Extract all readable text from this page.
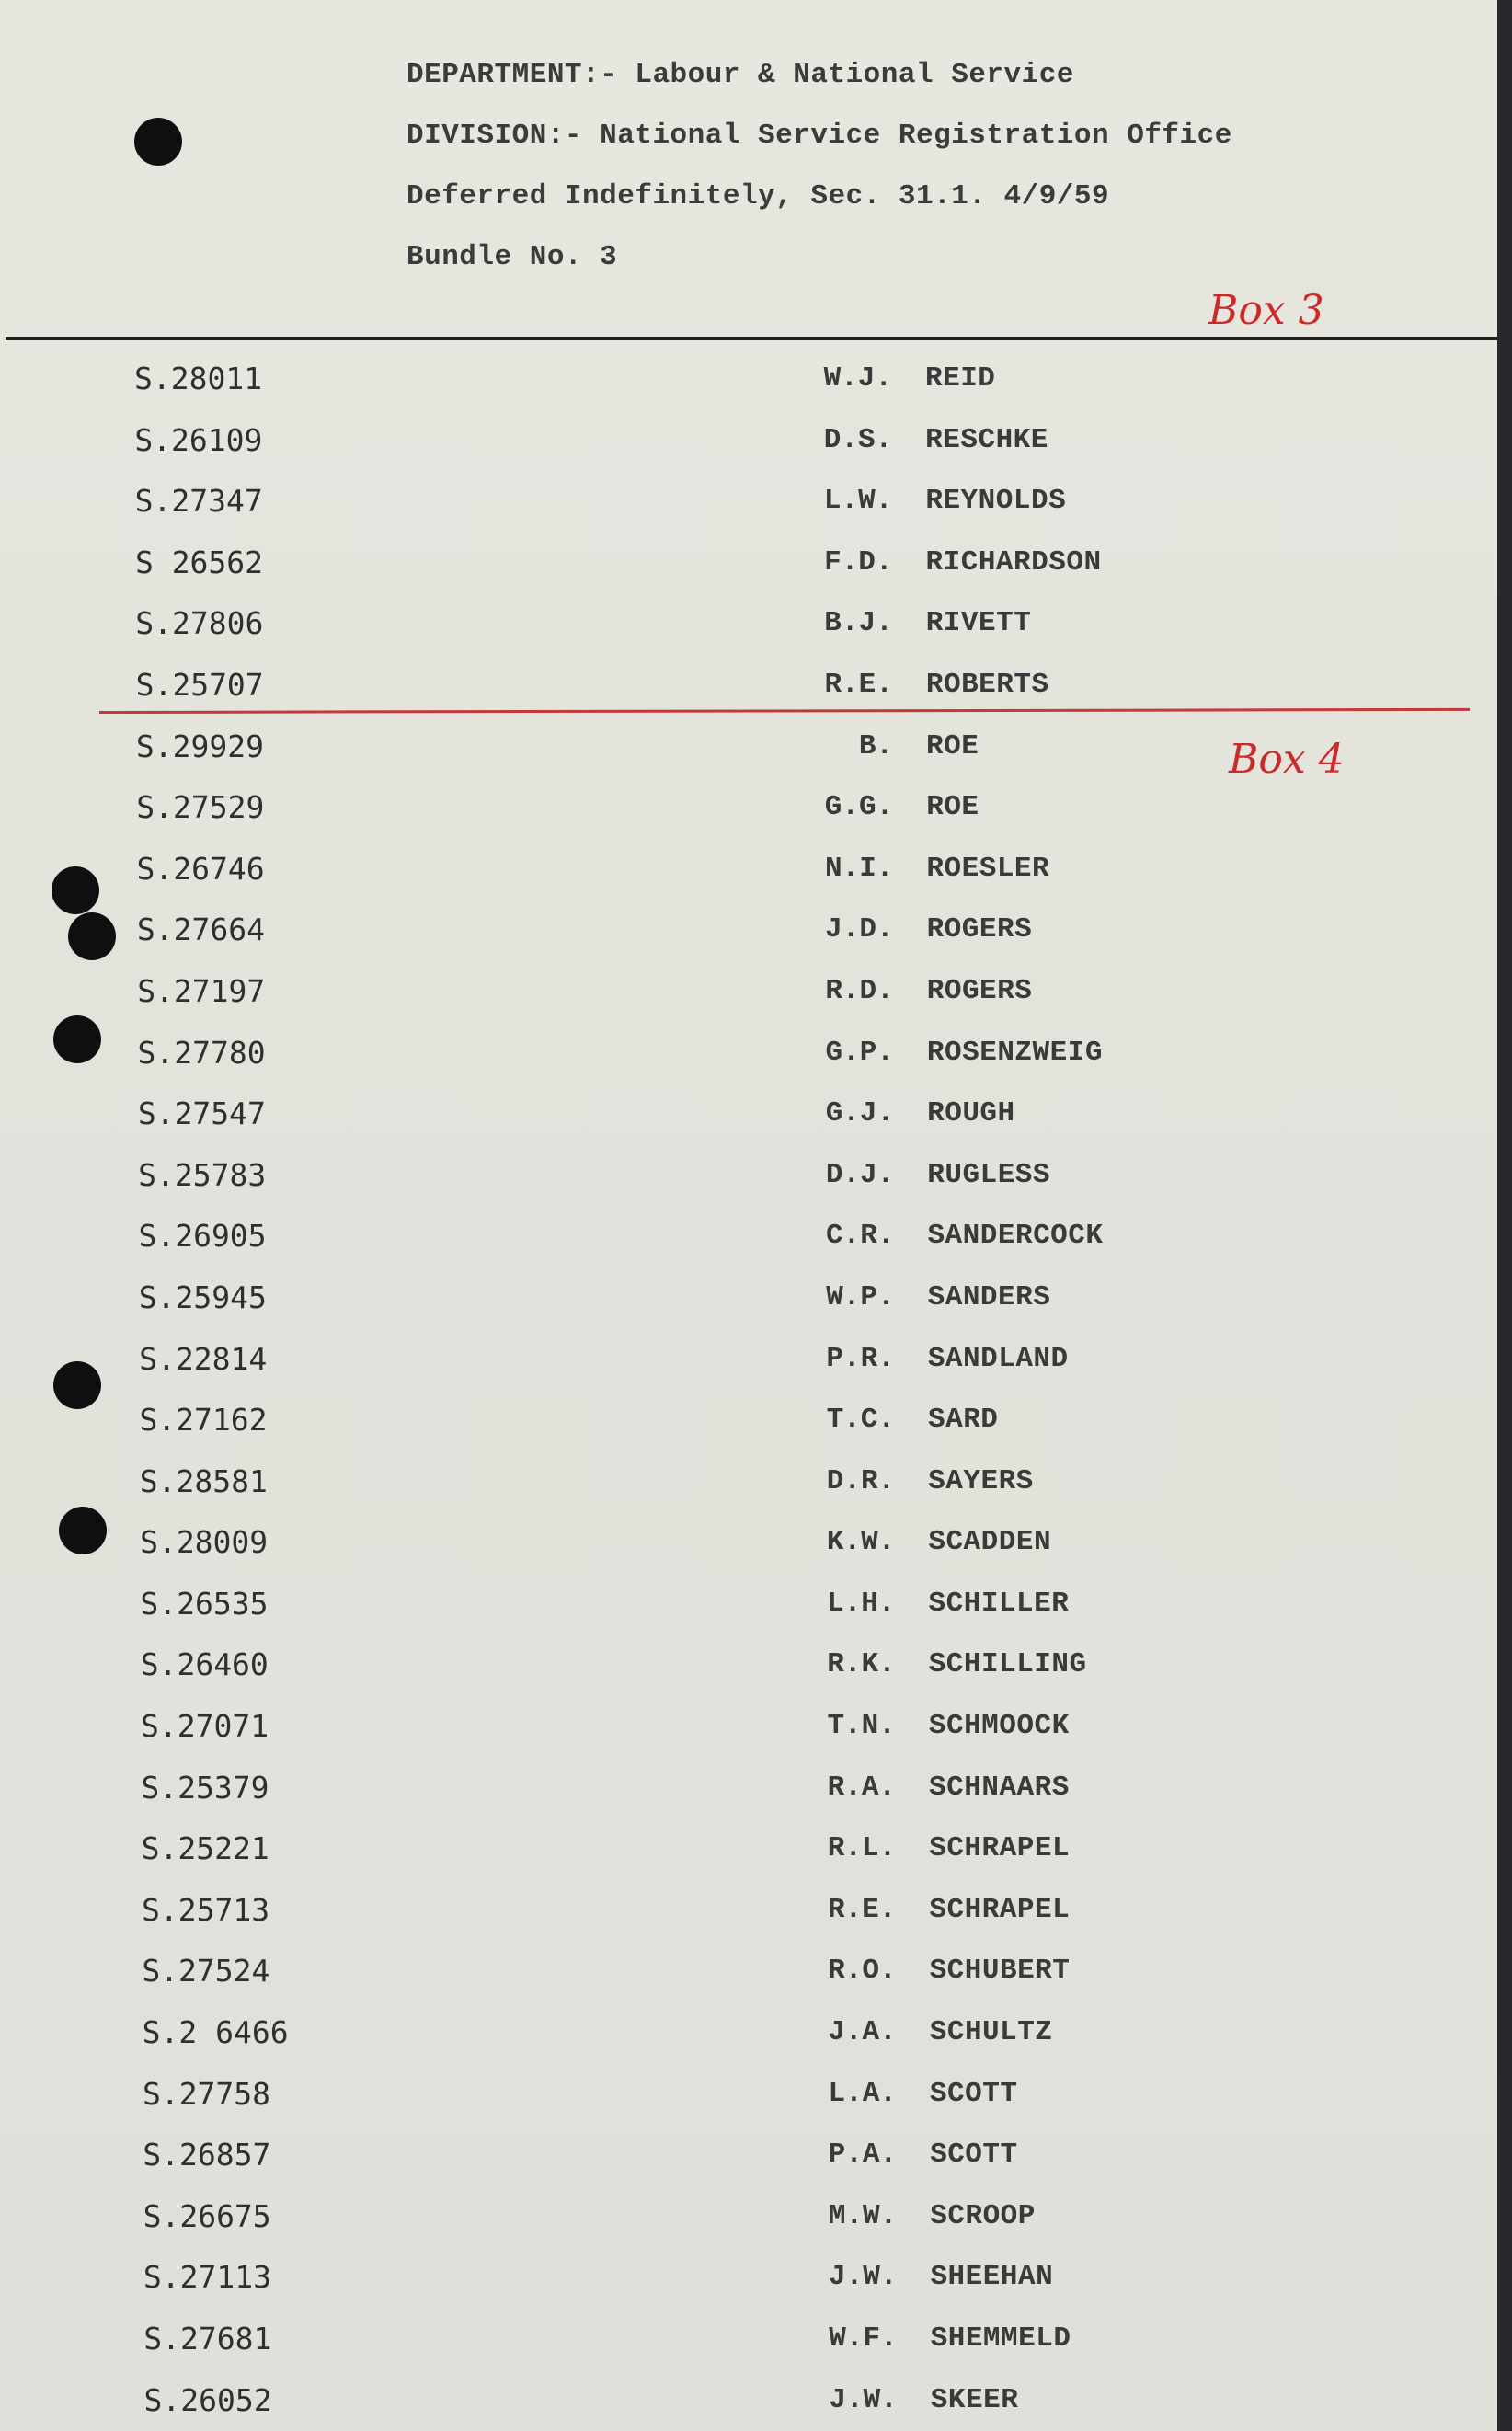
DEPARTMENT:- Labour & National Service
DIVISION:- National Service Registration Office
Deferred Indefinitely, Sec. 31.1. 4/9/59
Bundle No. 3
Box 3
Box 4
S.28011	W.J. REID
S.26109	D.S. RESCHKE
S.27347	L.W. REYNOLDS
S 26562	F.D. RICHARDSON
S.27806	B.J. RIVETT
S.25707	R.E. ROBERTS
S.29929	B. ROE
S.27529	G.G. ROE
S.26746	N.I. ROESLER
S.27664	J.D. ROGERS
S.27197	R.D. ROGERS
S.27780	G.P. ROSENZWEIG
S.27547	G.J. ROUGH
S.25783	D.J. RUGLESS
S.26905	C.R. SANDERCOCK
S.25945	W.P. SANDERS
S.22814	P.R. SANDLAND
S.27162	T.C. SARD
S.28581	D.R. SAYERS
S.28009	K.W. SCADDEN
S.26535	L.H. SCHILLER
S.26460	R.K. SCHILLING
S.27071	T.N. SCHMOOCK
S.25379	R.A. SCHNAARS
S.25221	R.L. SCHRAPEL
S.25713	R.E. SCHRAPEL
S.27524	R.O. SCHUBERT
S.2 6466	J.A. SCHULTZ
S.27758	L.A. SCOTT
S.26857	P.A. SCOTT
S.26675	M.W. SCROOP
S.27113	J.W. SHEEHAN
S.27681	W.F. SHEMMELD
S.26052	J.W. SKEER
